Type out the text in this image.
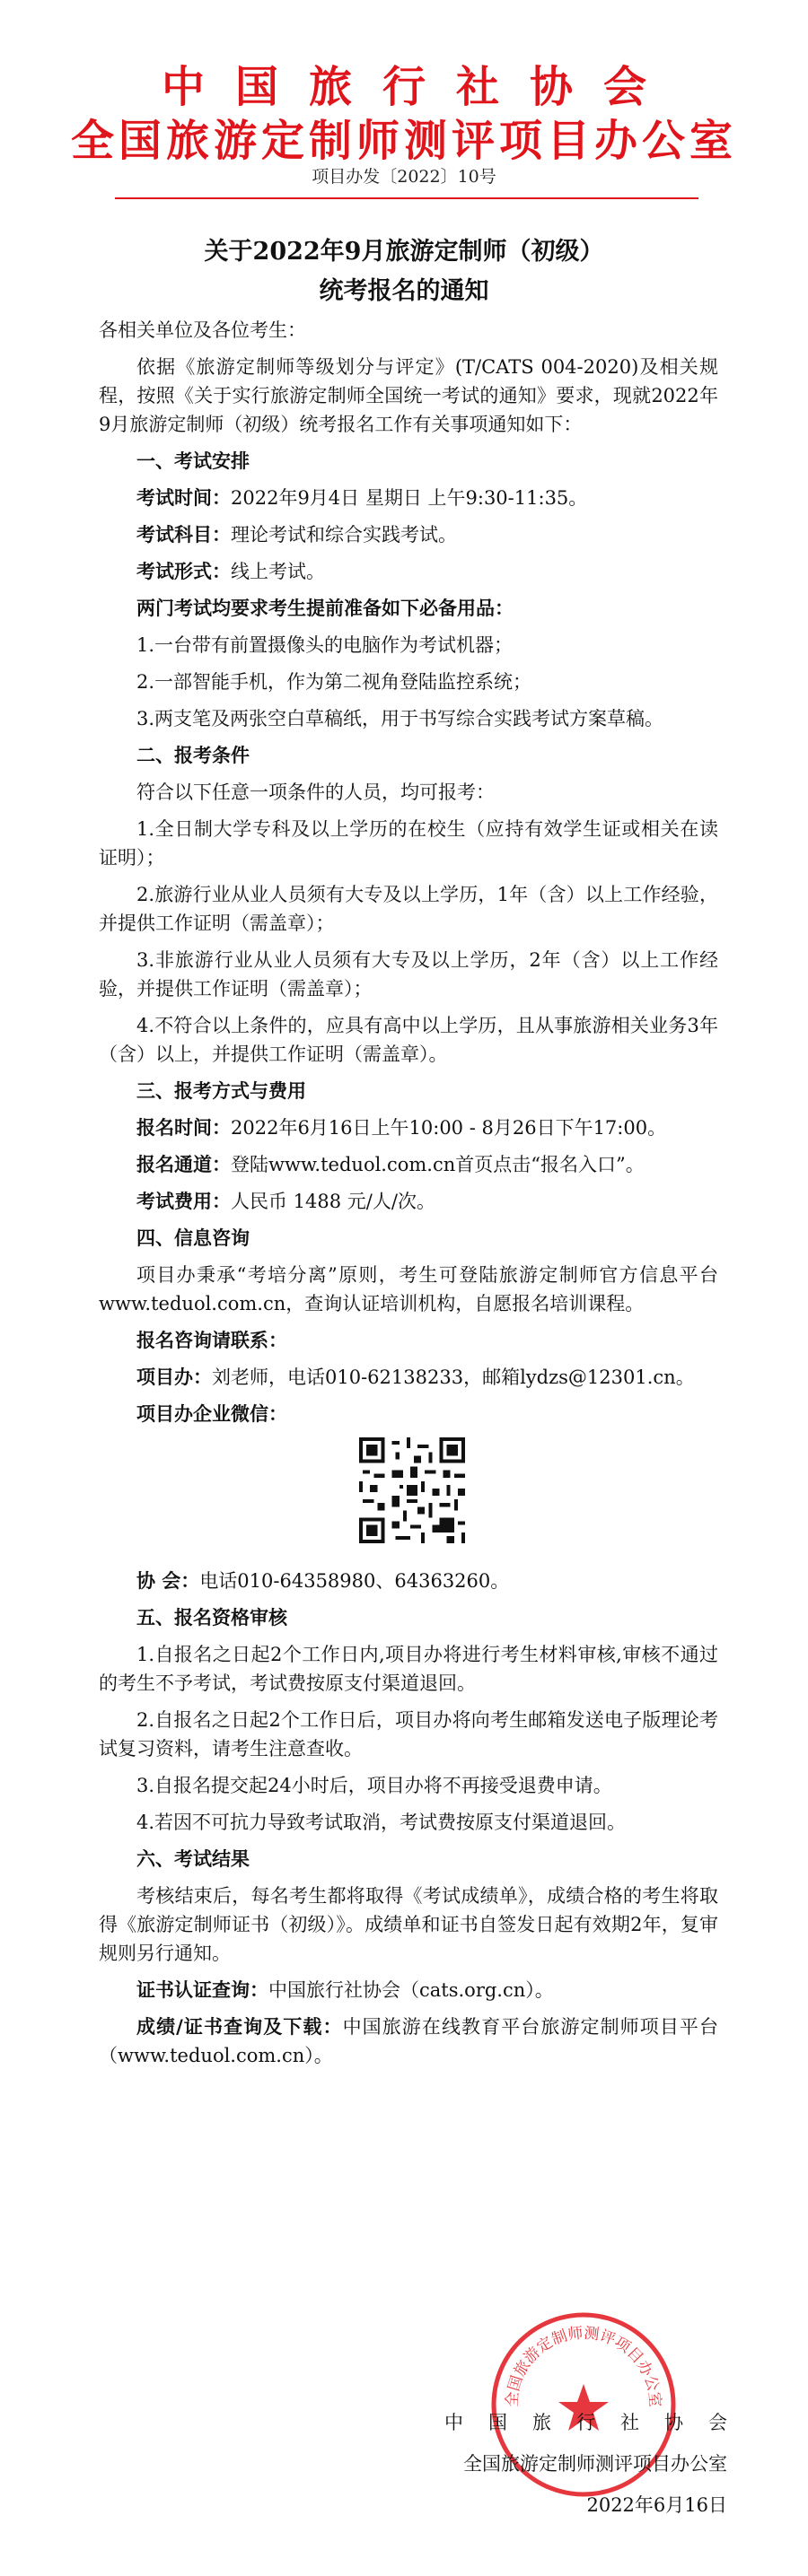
中国旅行社协会
全国旅游定制师测评项目办公室
项目办发〔2022〕10号
关于2022年9月旅游定制师（初级）
统考报名的通知

各相关单位及各位考生：

依据《旅游定制师等级划分与评定》(T/CATS 004-2020)及相关规程，按照《关于实行旅游定制师全国统一考试的通知》要求，现就2022年9月旅游定制师（初级）统考报名工作有关事项通知如下：

一、考试安排

考试时间：2022年9月4日 星期日 上午9:30-11:35。

考试科目：理论考试和综合实践考试。

考试形式：线上考试。

两门考试均要求考生提前准备如下必备用品：

1.一台带有前置摄像头的电脑作为考试机器；

2.一部智能手机，作为第二视角登陆监控系统；

3.两支笔及两张空白草稿纸，用于书写综合实践考试方案草稿。

二、报考条件

符合以下任意一项条件的人员，均可报考：

1.全日制大学专科及以上学历的在校生（应持有效学生证或相关在读证明）；

2.旅游行业从业人员须有大专及以上学历，1年（含）以上工作经验，并提供工作证明（需盖章）；

3.非旅游行业从业人员须有大专及以上学历，2年（含）以上工作经验，并提供工作证明（需盖章）；

4.不符合以上条件的，应具有高中以上学历，且从事旅游相关业务3年（含）以上，并提供工作证明（需盖章）。

三、报考方式与费用

报名时间：2022年6月16日上午10:00 - 8月26日下午17:00。

报名通道：登陆www.teduol.com.cn首页点击“报名入口”。

考试费用：人民币 1488 元/人/次。

四、信息咨询

项目办秉承“考培分离”原则，考生可登陆旅游定制师官方信息平台www.teduol.com.cn，查询认证培训机构，自愿报名培训课程。

报名咨询请联系：

项目办：刘老师，电话010-62138233，邮箱lydzs@12301.cn。

项目办企业微信：

协 会：电话010-64358980、64363260。

五、报名资格审核

1.自报名之日起2个工作日内,项目办将进行考生材料审核,审核不通过的考生不予考试，考试费按原支付渠道退回。

2.自报名之日起2个工作日后，项目办将向考生邮箱发送电子版理论考试复习资料，请考生注意查收。

3.自报名提交起24小时后，项目办将不再接受退费申请。

4.若因不可抗力导致考试取消，考试费按原支付渠道退回。

六、考试结果

考核结束后，每名考生都将取得《考试成绩单》，成绩合格的考生将取得《旅游定制师证书（初级）》。成绩单和证书自签发日起有效期2年，复审规则另行通知。

证书认证查询：中国旅行社协会（cats.org.cn）。

成绩/证书查询及下载：中国旅游在线教育平台旅游定制师项目平台（www.teduol.com.cn）。

全国旅游定制师测评项目办公室
中国旅行社协会
全国旅游定制师测评项目办公室
2022年6月16日
